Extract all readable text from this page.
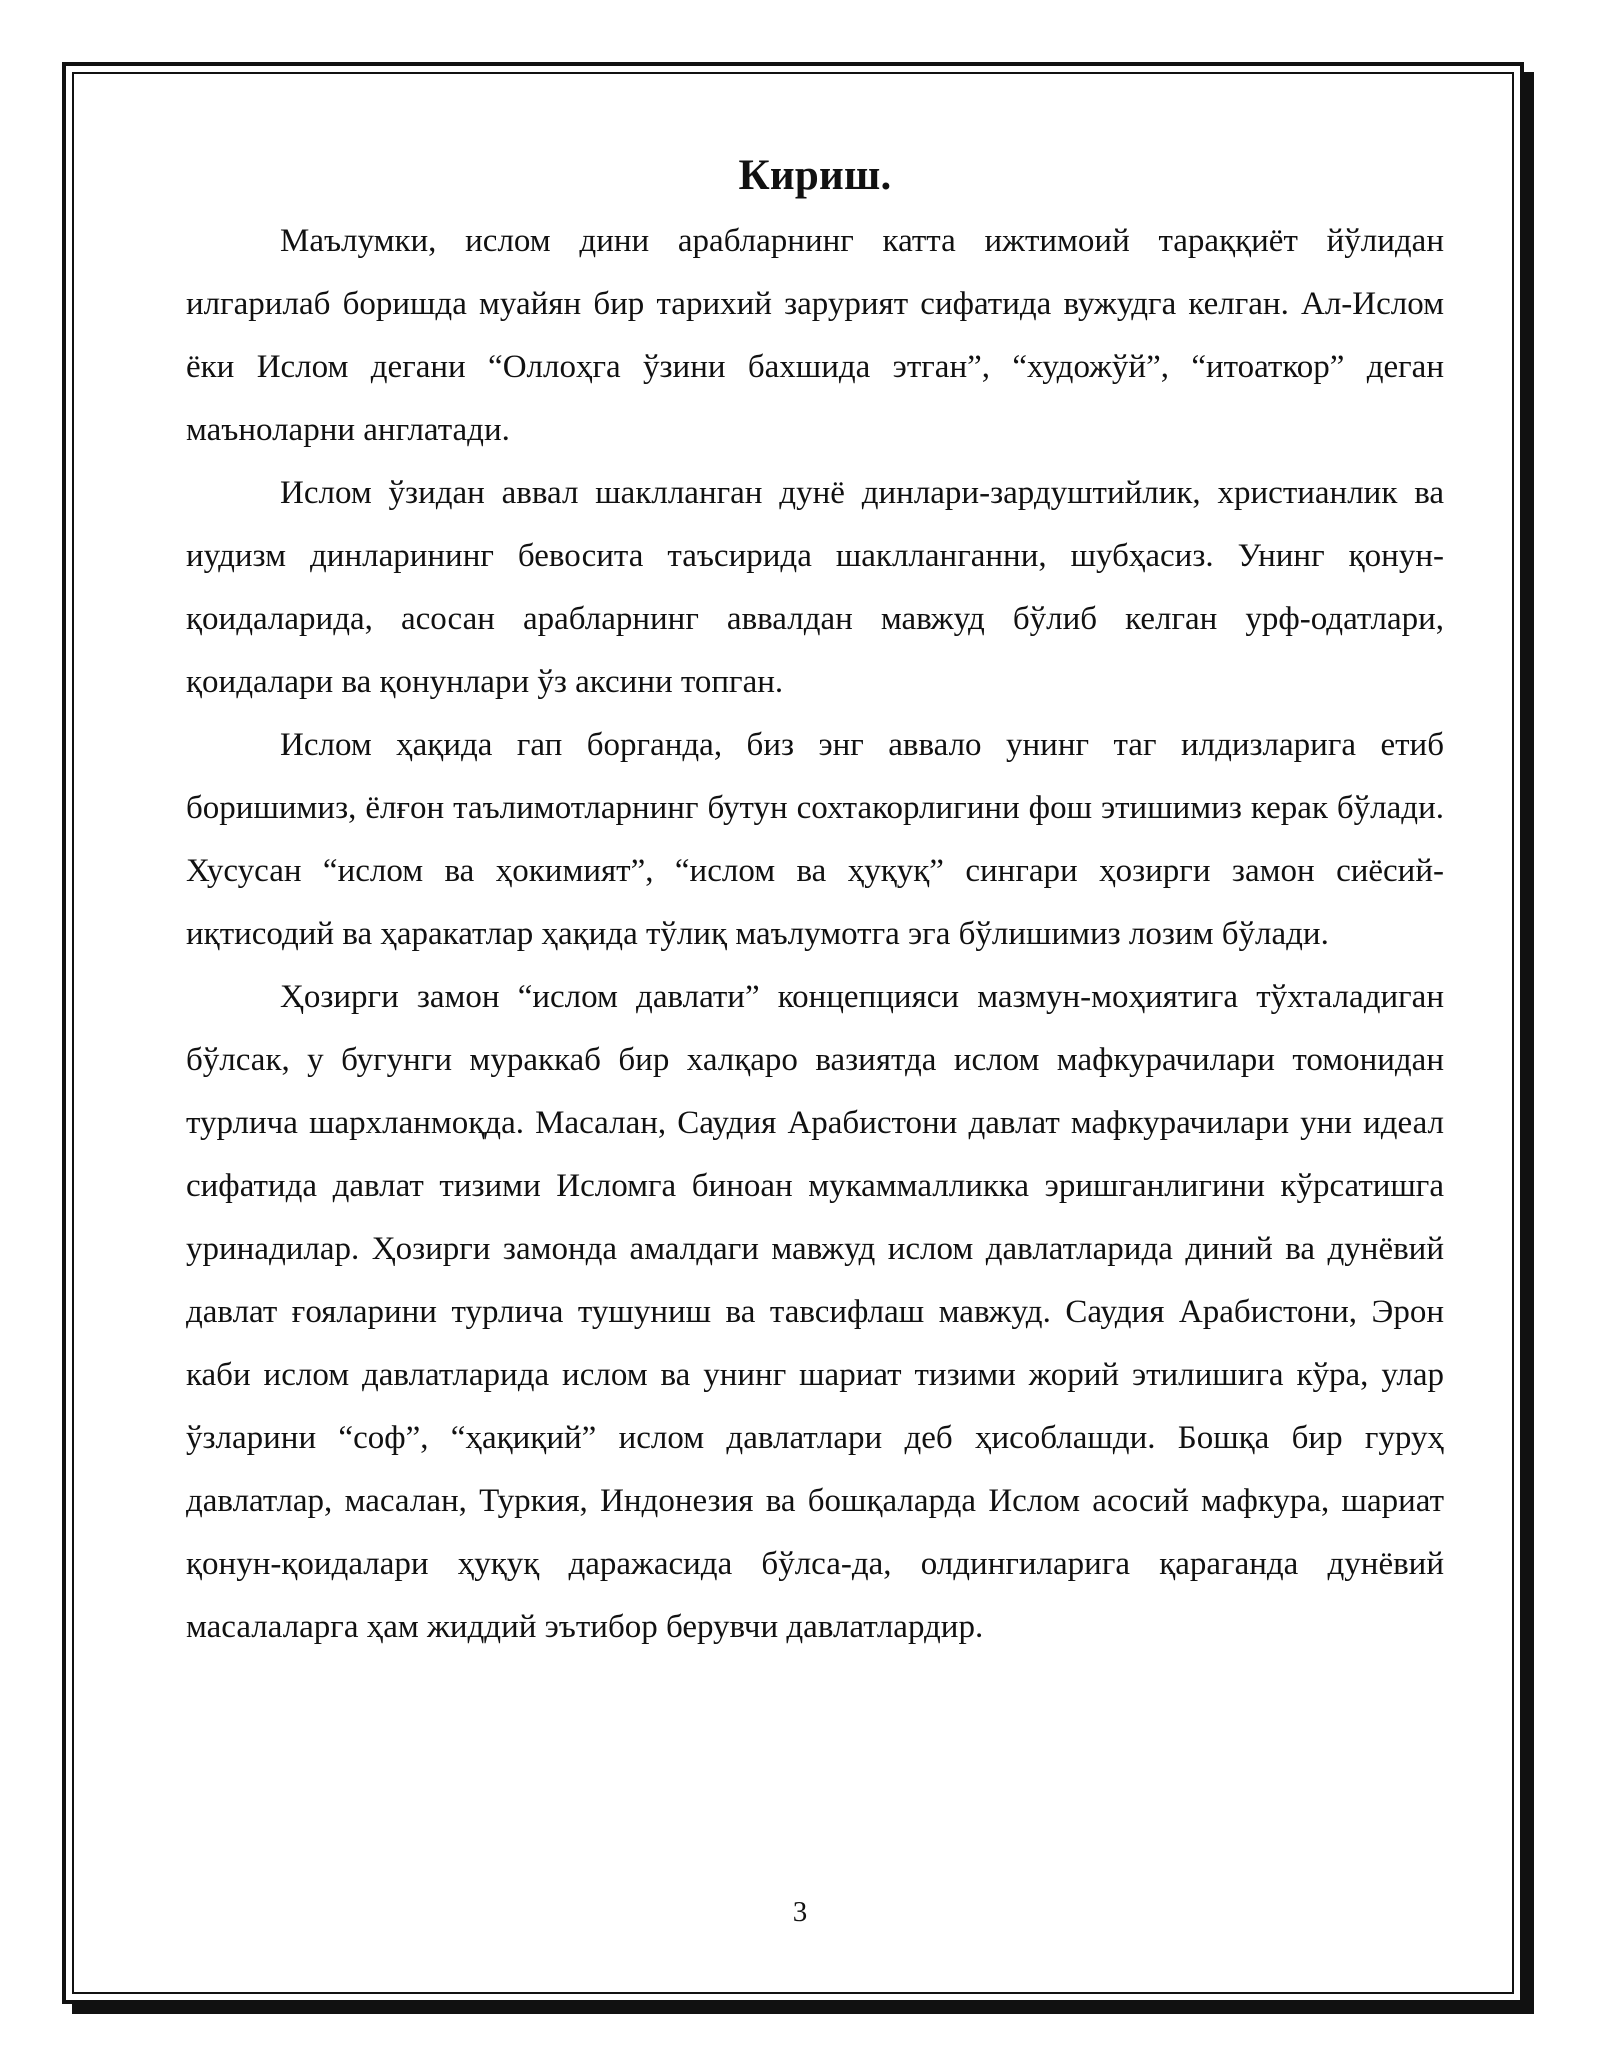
Кириш.

Маълумки, ислом дини арабларнинг катта ижтимоий тараққиёт йўлидан илгарилаб боришда муайян бир тарихий зарурият сифатида вужудга келган. Ал-Ислом ёки Ислом дегани “Оллоҳга ўзини бахшида этган”, “художўй”, “итоаткор” деган маъноларни англатади.

Ислом ўзидан аввал шаклланган дунё динлари-зардуштийлик, христианлик ва иудизм динларининг бевосита таъсирида шаклланганни, шубҳасиз. Унинг қонун-қоидаларида, асосан арабларнинг аввалдан мавжуд бўлиб келган урф-одатлари, қоидалари ва қонунлари ўз аксини топган.

Ислом ҳақида гап борганда, биз энг аввало унинг таг илдизларига етиб боришимиз, ёлғон таълимотларнинг бутун сохтакорлигини фош этишимиз керак бўлади. Хусусан “ислом ва ҳокимият”, “ислом ва ҳуқуқ” сингари ҳозирги замон сиёсий-иқтисодий ва ҳаракатлар ҳақида тўлиқ маълумотга эга бўлишимиз лозим бўлади.

Ҳозирги замон “ислом давлати” концепцияси мазмун-моҳиятига тўхталадиган бўлсак, у бугунги мураккаб бир халқаро вазиятда ислом мафкурачилари томонидан турлича шархланмоқда. Масалан, Саудия Арабистони давлат мафкурачилари уни идеал сифатида давлат тизими Исломга биноан мукаммалликка эришганлигини кўрсатишга уринадилар. Ҳозирги замонда амалдаги мавжуд ислом давлатларида диний ва дунёвий давлат ғояларини турлича тушуниш ва тавсифлаш мавжуд. Саудия Арабистони, Эрон каби ислом давлатларида ислом ва унинг шариат тизими жорий этилишига кўра, улар ўзларини “соф”, “ҳақиқий” ислом давлатлари деб ҳисоблашди. Бошқа бир гуруҳ давлатлар, масалан, Туркия, Индонезия ва бошқаларда Ислом асосий мафкура, шариат қонун-қоидалари ҳуқуқ даражасида бўлса-да, олдингиларига қараганда дунёвий масалаларга ҳам жиддий эътибор берувчи давлатлардир.

3
